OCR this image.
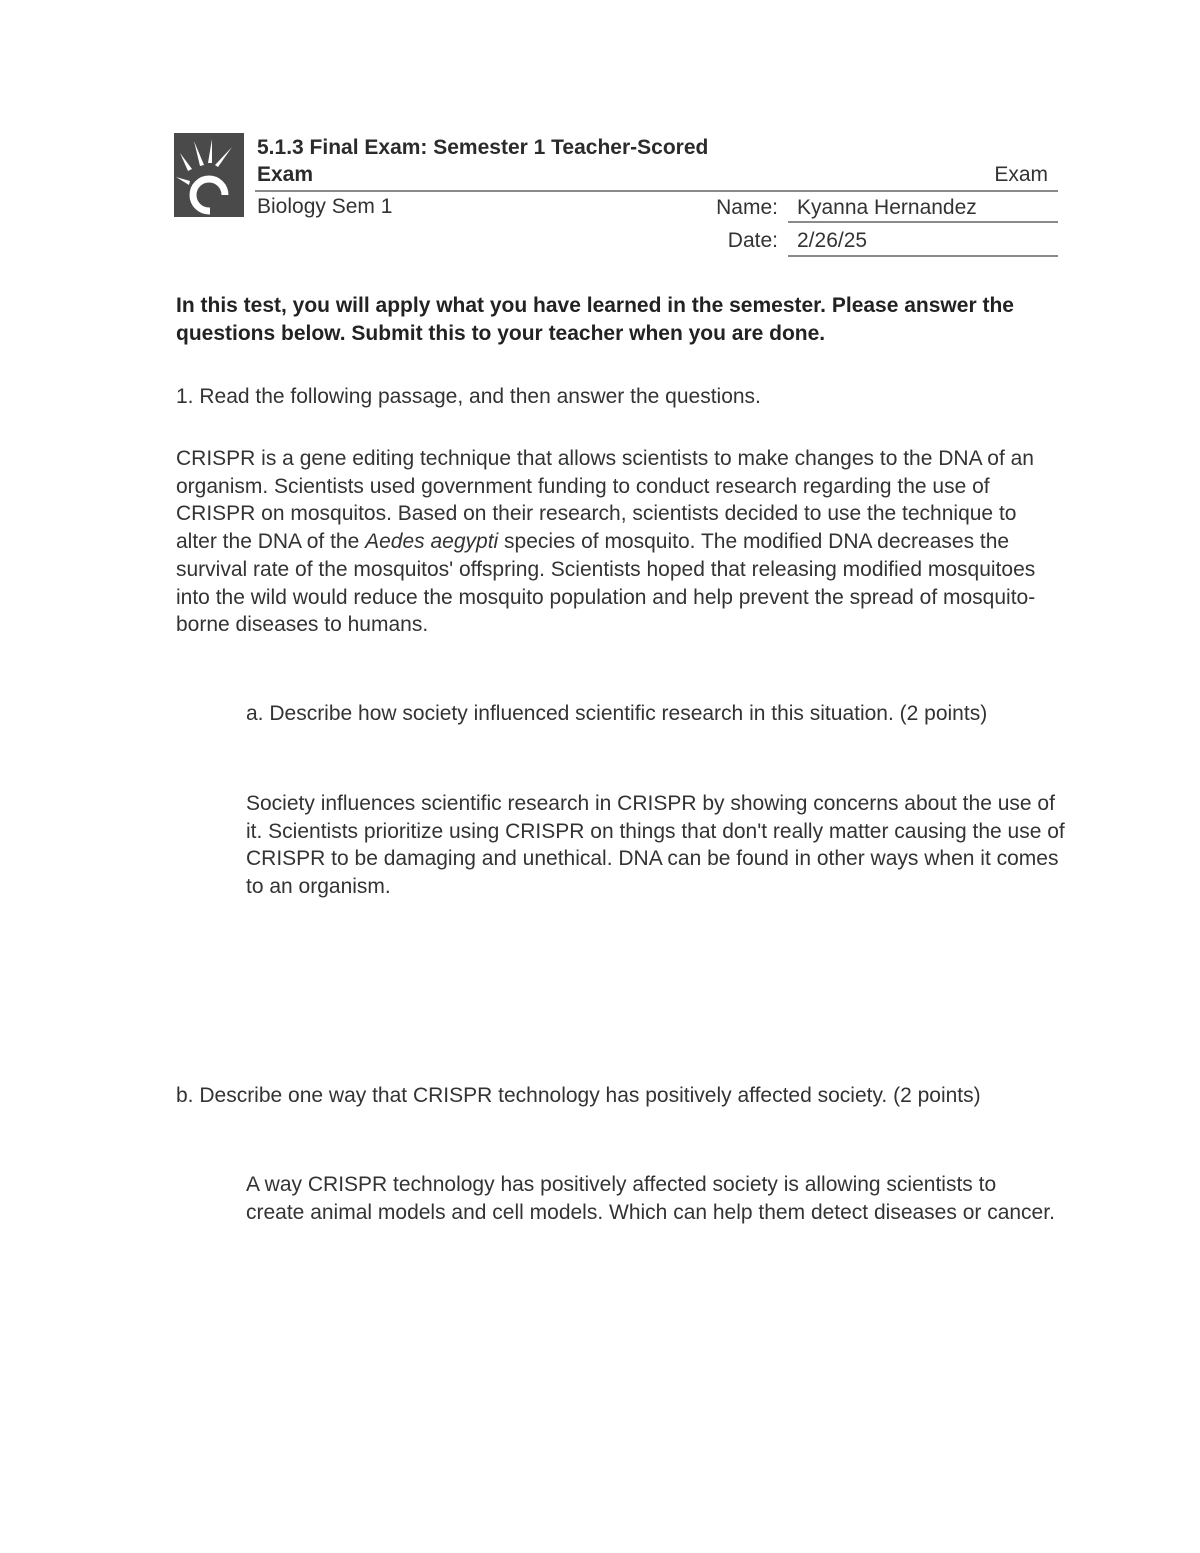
5.1.3 Final Exam: Semester 1 Teacher-Scored
Exam	Exam
Biology Sem 1	Name: Kyanna Hernandez
Date: 2/26/25
In this test, you will apply what you have learned in the semester. Please answer the questions below. Submit this to your teacher when you are done.
1. Read the following passage, and then answer the questions.
CRISPR is a gene editing technique that allows scientists to make changes to the DNA of an organism. Scientists used government funding to conduct research regarding the use of CRISPR on mosquitos. Based on their research, scientists decided to use the technique to alter the DNA of the Aedes aegypti species of mosquito. The modified DNA decreases the survival rate of the mosquitos' offspring. Scientists hoped that releasing modified mosquitoes into the wild would reduce the mosquito population and help prevent the spread of mosquito-borne diseases to humans.
a. Describe how society influenced scientific research in this situation. (2 points)
Society influences scientific research in CRISPR by showing concerns about the use of it. Scientists prioritize using CRISPR on things that don't really matter causing the use of CRISPR to be damaging and unethical. DNA can be found in other ways when it comes to an organism.
b. Describe one way that CRISPR technology has positively affected society. (2 points)
A way CRISPR technology has positively affected society is allowing scientists to create animal models and cell models. Which can help them detect diseases or cancer.
